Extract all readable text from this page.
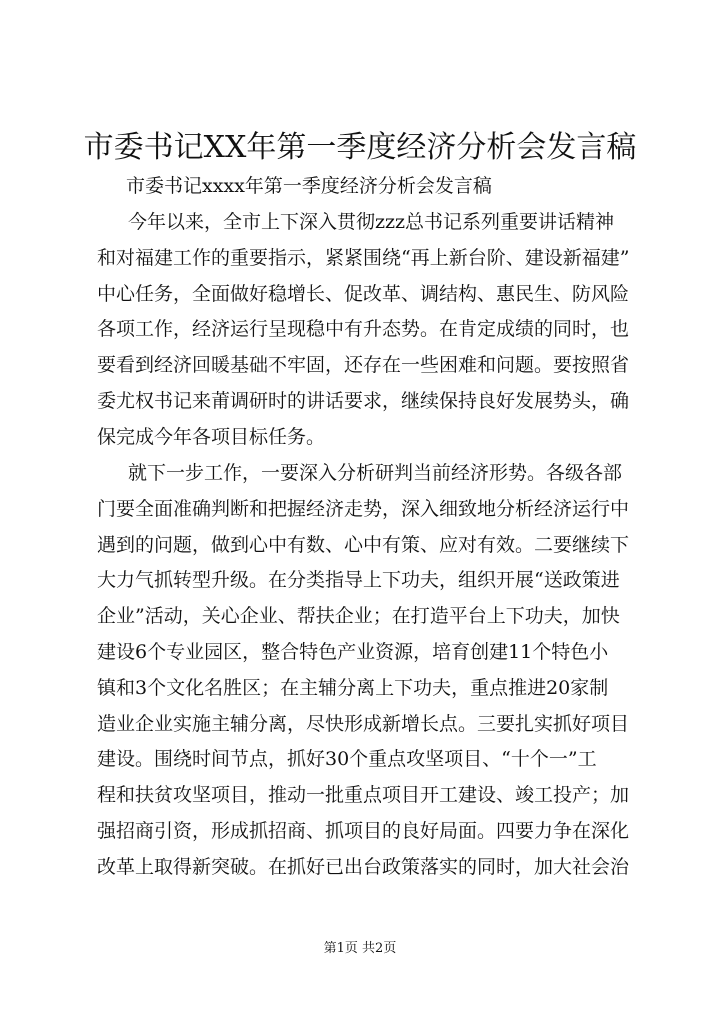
市委书记XX年第一季度经济分析会发言稿
市委书记xxxx年第一季度经济分析会发言稿
今年以来，全市上下深入贯彻zzz总书记系列重要讲话精神
和对福建工作的重要指示，紧紧围绕“再上新台阶、建设新福建”
中心任务，全面做好稳增长、促改革、调结构、惠民生、防风险
各项工作，经济运行呈现稳中有升态势。在肯定成绩的同时，也
要看到经济回暖基础不牢固，还存在一些困难和问题。要按照省
委尤权书记来莆调研时的讲话要求，继续保持良好发展势头，确
保完成今年各项目标任务。
就下一步工作，一要深入分析研判当前经济形势。各级各部
门要全面准确判断和把握经济走势，深入细致地分析经济运行中
遇到的问题，做到心中有数、心中有策、应对有效。二要继续下
大力气抓转型升级。在分类指导上下功夫，组织开展“送政策进
企业”活动，关心企业、帮扶企业；在打造平台上下功夫，加快
建设6个专业园区，整合特色产业资源，培育创建11个特色小
镇和3个文化名胜区；在主辅分离上下功夫，重点推进20家制
造业企业实施主辅分离，尽快形成新增长点。三要扎实抓好项目
建设。围绕时间节点，抓好30个重点攻坚项目、“十个一”工
程和扶贫攻坚项目，推动一批重点项目开工建设、竣工投产；加
强招商引资，形成抓招商、抓项目的良好局面。四要力争在深化
改革上取得新突破。在抓好已出台政策落实的同时，加大社会治
第1页 共2页
